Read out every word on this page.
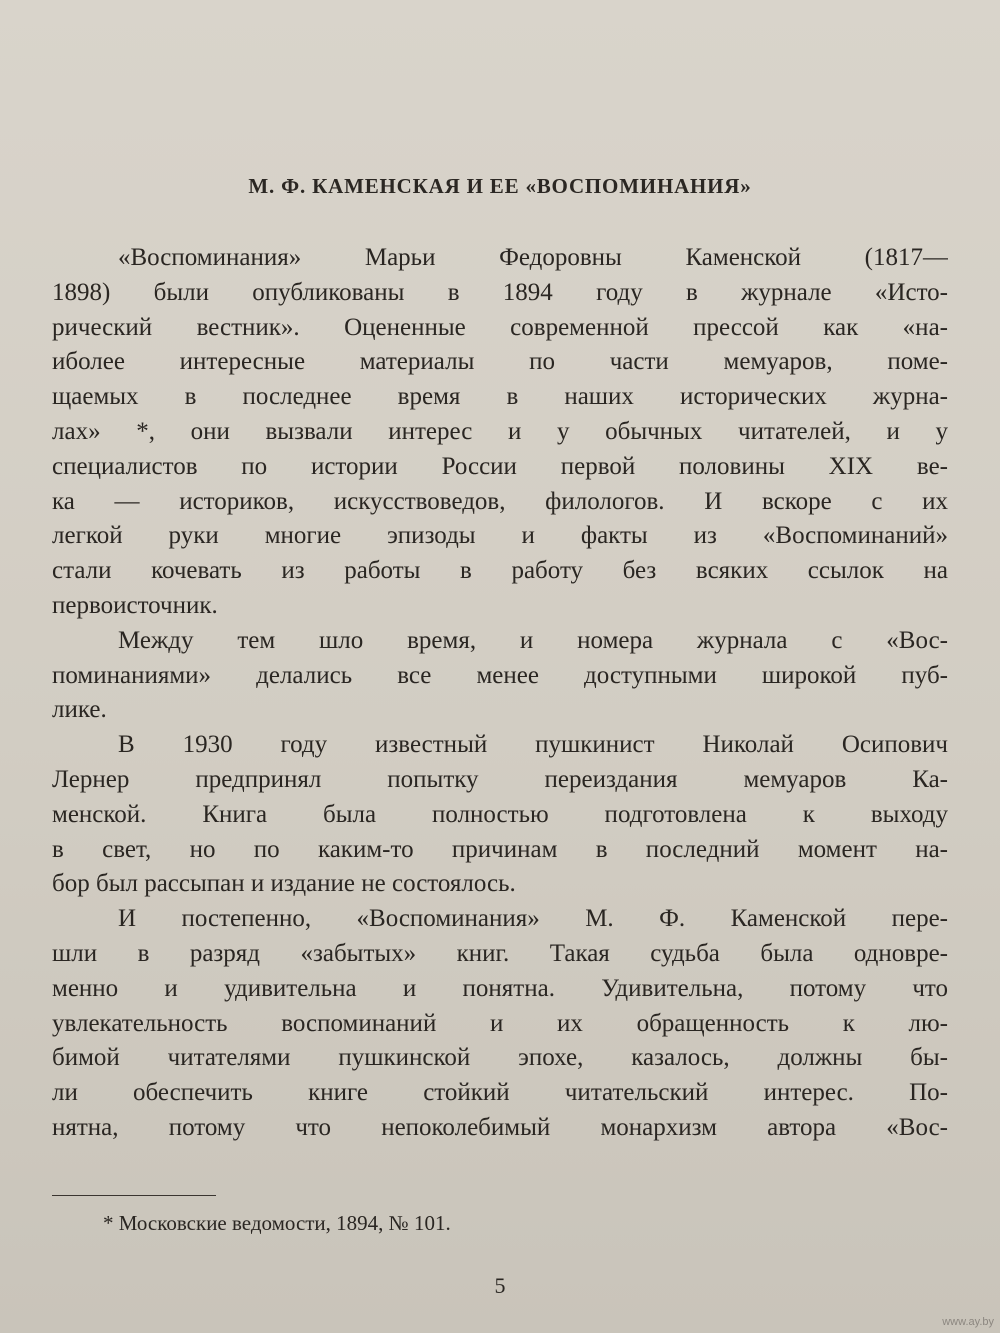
М. Ф. КАМЕНСКАЯ И ЕЕ «ВОСПОМИНАНИЯ»
«Воспоминания» Марьи Федоровны Каменской (1817—
1898) были опубликованы в 1894 году в журнале «Исто-
рический вестник». Оцененные современной прессой как «на-
иболее интересные материалы по части мемуаров, поме-
щаемых в последнее время в наших исторических журна-
лах» *, они вызвали интерес и у обычных читателей, и у
специалистов по истории России первой половины XIX ве-
ка — историков, искусствоведов, филологов. И вскоре с их
легкой руки многие эпизоды и факты из «Воспоминаний»
стали кочевать из работы в работу без всяких ссылок на
первоисточник.
Между тем шло время, и номера журнала с «Вос-
поминаниями» делались все менее доступными широкой пуб-
лике.
В 1930 году известный пушкинист Николай Осипович
Лернер предпринял попытку переиздания мемуаров Ка-
менской. Книга была полностью подготовлена к выходу
в свет, но по каким-то причинам в последний момент на-
бор был рассыпан и издание не состоялось.
И постепенно, «Воспоминания» М. Ф. Каменской пере-
шли в разряд «забытых» книг. Такая судьба была одновре-
менно и удивительна и понятна. Удивительна, потому что
увлекательность воспоминаний и их обращенность к лю-
бимой читателями пушкинской эпохе, казалось, должны бы-
ли обеспечить книге стойкий читательский интерес. По-
нятна, потому что непоколебимый монархизм автора «Вос-
* Московские ведомости, 1894, № 101.
5
www.ay.by
